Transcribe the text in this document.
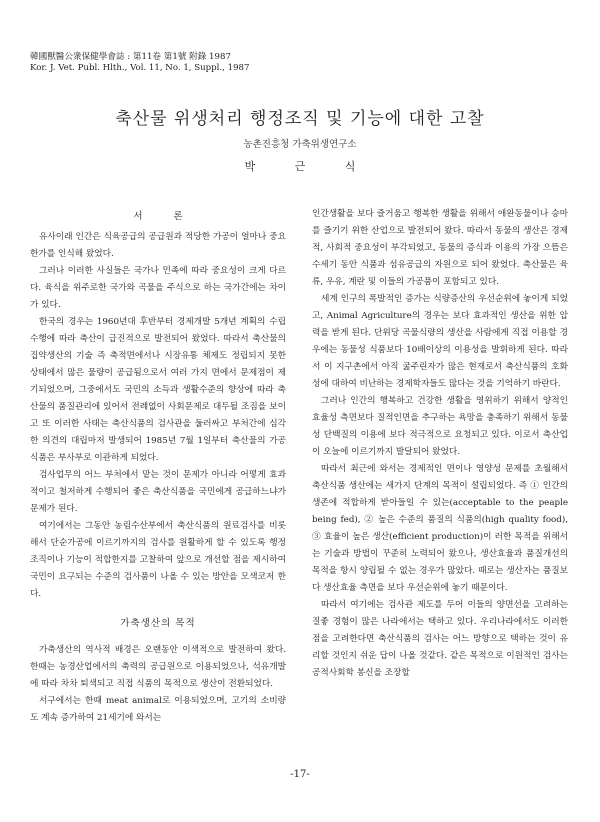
韓國獸醫公衆保健學會誌 : 第11卷 第1號 附錄 1987
Kor. J. Vet. Publ. Hlth., Vol. 11, No. 1, Suppl., 1987
축산물 위생처리 행정조직 및 기능에 대한 고찰
농촌진흥청 가축위생연구소
박 근 식
서 론

유사이래 인간은 식육공급의 공급원과 적당한 가공이 얼마나 중요한가를 인식해 왔었다.

그러나 이러한 사실들은 국가나 민족에 따라 중요성이 크게 다르다. 육식을 위주로한 국가와 곡물을 주식으로 하는 국가간에는 차이가 있다.

한국의 경우는 1960년대 후반부터 경제개발 5개년 계획의 수립수행에 따라 축산이 급진적으로 발전되어 왔었다. 따라서 축산물의 집약생산의 기술 즉 축적면에서나 시장유통 체제도 정립되지 못한 상태에서 많은 물량이 공급됨으로서 여러 가지 면에서 문제점이 제기되었으며, 그중에서도 국민의 소득과 생활수준의 향상에 따라 축산물의 품질관리에 있어서 전례없이 사회문제로 대두될 조짐을 보이고 또 이러한 사태는 축산식품의 검사관을 둘러싸고 부처간에 심각한 의견의 대립마저 발생되어 1985년 7월 1일부터 축산물의 가공식품은 부사부로 이관하게 되었다.

검사업무의 어느 부처에서 맡는 것이 문제가 아니라 어떻게 효과적이고 철저하게 수행되어 좋은 축산식품을 국민에게 공급하느냐가 문제가 된다.

여기에서는 그동안 농림수산부에서 축산식품의 원료검사를 비롯해서 단순가공에 이르기까지의 검사를 원활하게 할 수 있도록 행정조직이나 기능이 적합한지를 고찰하여 앞으로 개선할 점을 제시하여 국민이 요구되는 수준의 검사품이 나올 수 있는 방안을 모색코저 한다.

가축생산의 목적

가축생산의 역사적 배경은 오랜동안 이색적으로 발전하여 왔다. 한때는 농경산업에서의 축력의 공급원으로 이용되었으나, 석유개발에 따라 차차 퇴색되고 직접 식품의 목적으로 생산이 전환되었다.

서구에서는 한때 meat animal로 이용되었으며, 고기의 소비량도 계속 증가하여 21세기에 와서는

인간생활을 보다 즐거움고 행복한 생활을 위해서 애완동물이나 승마를 즐기기 위한 산업으로 발전되어 왔다. 따라서 동물의 생산은 경제적, 사회적 중요성이 부각되었고, 동물의 증식과 이용의 가장 으뜸은 수세기 동안 식품과 섬유공급의 자원으로 되어 왔었다. 축산물은 육류, 우유, 계란 및 이들의 가공품이 포함되고 있다.

세계 인구의 폭발적인 증가는 식량증산의 우선순위에 놓이게 되었고, Animal Agriculture의 경우는 보다 효과적인 생산을 위한 압력을 받게 된다. 단위당 곡물식량의 생산을 사람에게 직접 이용할 경우에는 동물성 식품보다 10배이상의 이용성을 발휘하게 된다. 따라서 이 지구촌에서 아직 굶주린자가 많은 현재로서 축산식품의 호화성에 대하여 비난하는 경제학자들도 많다는 것을 기억하기 바란다.

그러나 인간의 행복하고 건강한 생활을 영위하기 위해서 양적인 효율성 측면보다 질적인면을 추구하는 욕망을 충족하기 위해서 동물성 단백질의 이용에 보다 적극적으로 요청되고 있다. 이로서 축산업이 오늘에 이르기까지 발달되어 왔었다.

따라서 최근에 와서는 경제적인 면이나 영양성 문제를 초월해서 축산식품 생산에는 세가지 단계의 목적이 설립되었다. 즉 ① 인간의 생존에 적합하게 받아들일 수 있는(acceptable to the peaple being fed), ② 높은 수준의 품질의 식품의(high quality food), ③ 효율이 높은 생산(efficient production)이 러한 목적을 위해서는 기술과 방법이 꾸준히 노력되어 왔으나, 생산효율과 품질개선의 목적을 항시 양립될 수 없는 경우가 많았다. 때로는 생산자는 품질보다 생산효율 측면을 보다 우선순위에 놓기 때문이다.

따라서 여기에는 검사관 제도를 두어 이들의 양면선을 고려하는 질좋 경험이 많은 나라에서는 택하고 있다. 우리나라에서도 이러한 점을 고려한다면 축산식품의 검사는 어느 방향으로 택하는 것이 유리할 것인지 쉬운 답이 나올 것같다. 같은 목적으로 이원적인 검사는 공적사회학 봉신을 조장할

-17-
